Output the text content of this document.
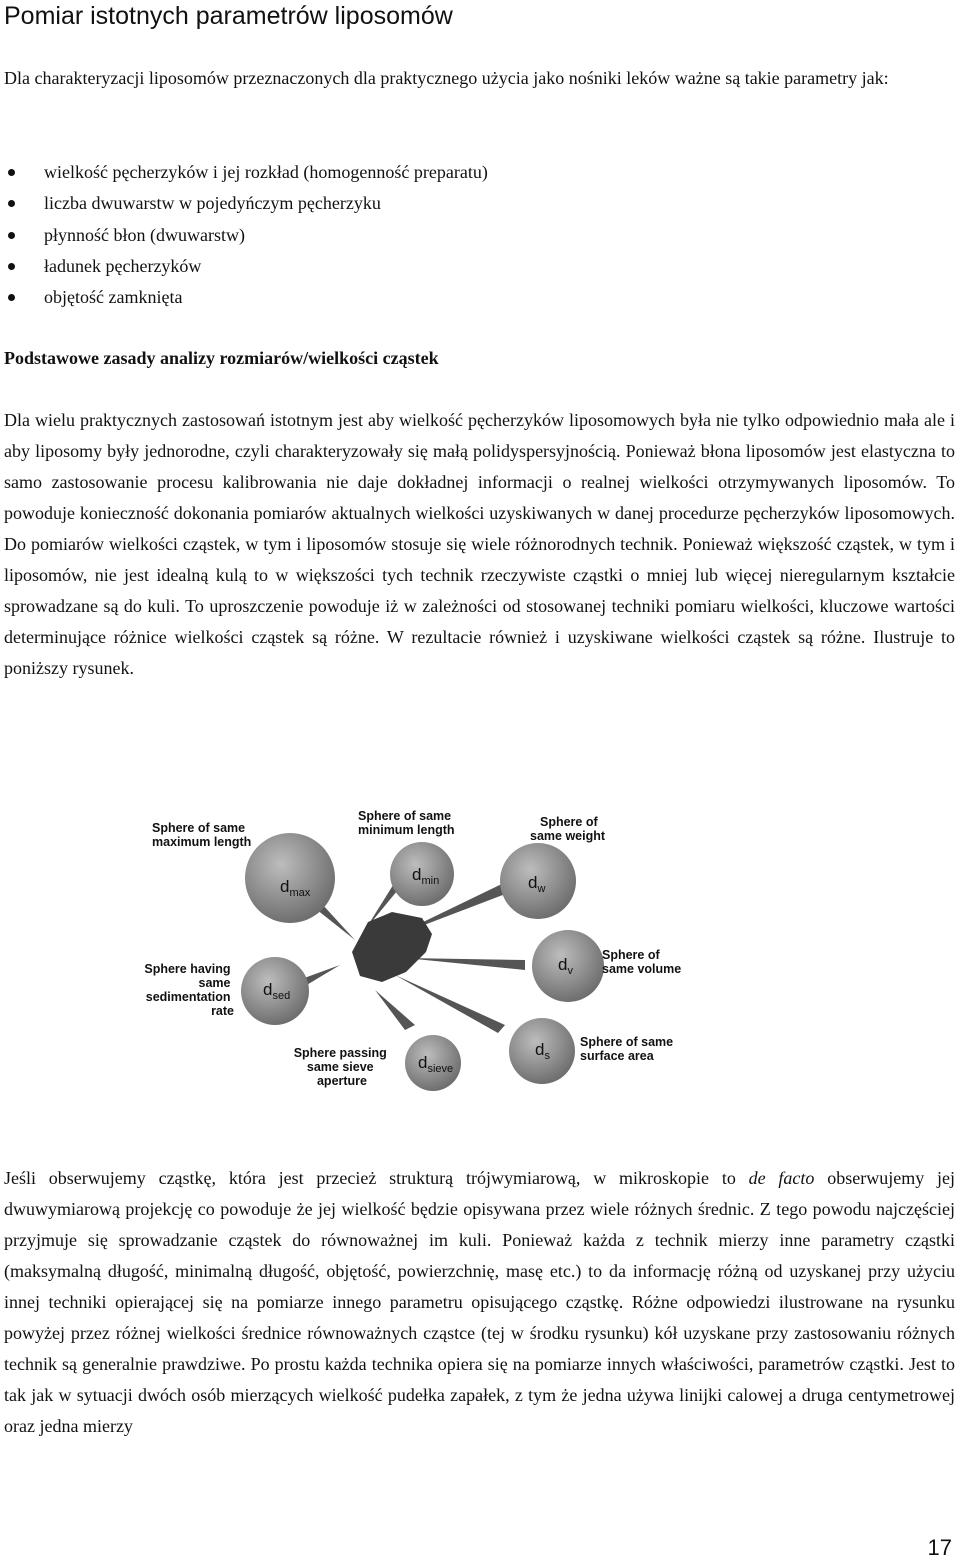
Pomiar istotnych parametrów liposomów

Dla charakteryzacji liposomów przeznaczonych dla praktycznego użycia jako nośniki leków ważne są takie parametry jak:

wielkość pęcherzyków i jej rozkład (homogenność preparatu)
liczba dwuwarstw w pojedyńczym pęcherzyku
płynność błon (dwuwarstw)
ładunek pęcherzyków
objętość zamknięta
Podstawowe zasady analizy rozmiarów/wielkości cząstek

Dla wielu praktycznych zastosowań istotnym jest aby wielkość pęcherzyków liposomowych była nie tylko odpowiednio mała ale i aby liposomy były jednorodne, czyli charakteryzowały się małą polidyspersyjnością. Ponieważ błona liposomów jest elastyczna to samo zastosowanie procesu kalibrowania nie daje dokładnej informacji o realnej wielkości otrzymywanych liposomów. To powoduje konieczność dokonania pomiarów aktualnych wielkości uzyskiwanych w danej procedurze pęcherzyków liposomowych. Do pomiarów wielkości cząstek, w tym i liposomów stosuje się wiele różnorodnych technik. Ponieważ większość cząstek, w tym i liposomów, nie jest idealną kulą to w większości tych technik rzeczywiste cząstki o mniej lub więcej nieregularnym kształcie sprowadzane są do kuli. To uproszczenie powoduje iż w zależności od stosowanej techniki pomiaru wielkości, kluczowe wartości determinujące różnice wielkości cząstek są różne. W rezultacie również i uzyskiwane wielkości cząstek są różne. Ilustruje to poniższy rysunek.

$d_{max}$
$d_{min}$	$d_w$
$d_v$
$d_{sed}$
$d_s$
$d_{sieve}$
Sphere of same maximum length
Sphere of same minimum length
Sphere of same weight
Sphere of same volume
Sphere having same sedimentation rate
Sphere of same surface area
Sphere passing same sieve aperture

Jeśli obserwujemy cząstkę, która jest przecież strukturą trójwymiarową, w mikroskopie to de facto obserwujemy jej dwuwymiarową projekcję co powoduje że jej wielkość będzie opisywana przez wiele różnych średnic. Z tego powodu najczęściej przyjmuje się sprowadzanie cząstek do równoważnej im kuli. Ponieważ każda z technik mierzy inne parametry cząstki (maksymalną długość, minimalną długość, objętość, powierzchnię, masę etc.) to da informację różną od uzyskanej przy użyciu innej techniki opierającej się na pomiarze innego parametru opisującego cząstkę. Różne odpowiedzi ilustrowane na rysunku powyżej przez różnej wielkości średnice równoważnych cząstce (tej w środku rysunku) kół uzyskane przy zastosowaniu różnych technik są generalnie prawdziwe. Po prostu każda technika opiera się na pomiarze innych właściwości, parametrów cząstki. Jest to tak jak w sytuacji dwóch osób mierzących wielkość pudełka zapałek, z tym że jedna używa linijki calowej a druga centymetrowej oraz jedna mierzy

17
